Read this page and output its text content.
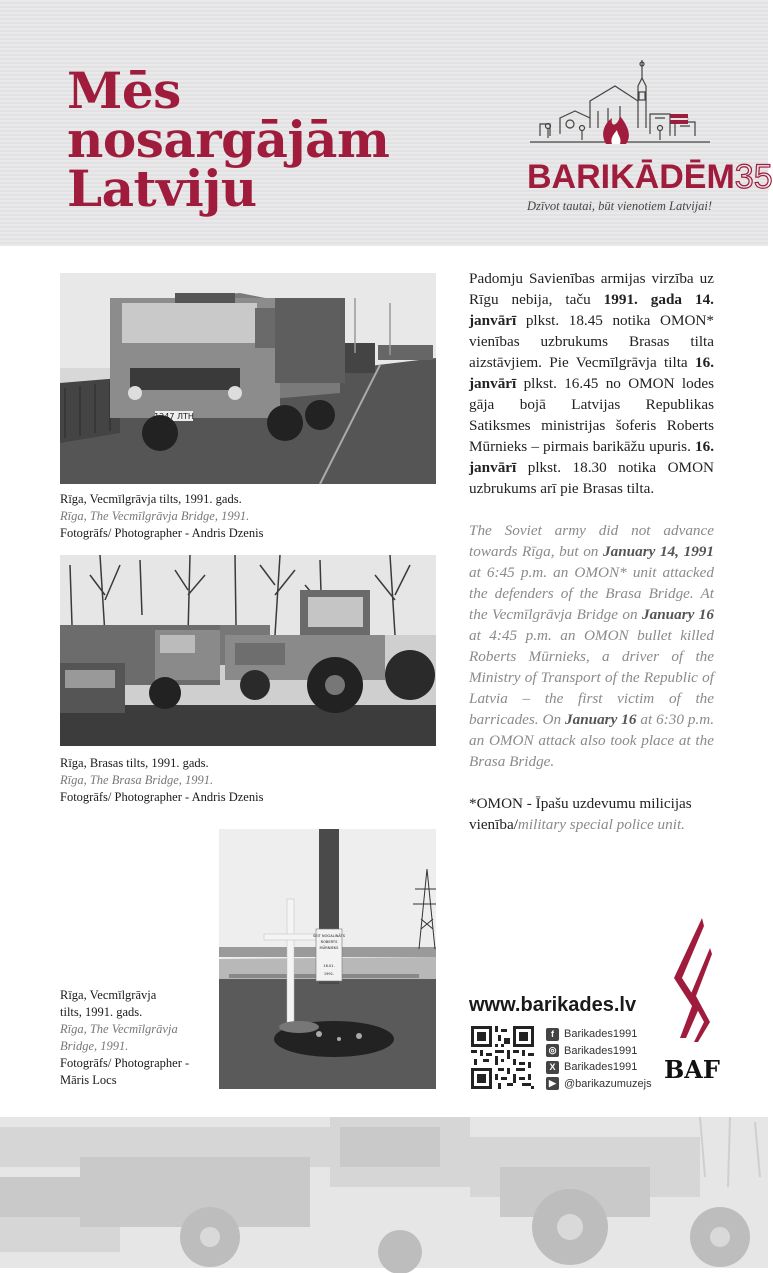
Mēs
nosargājām
Latviju	BARIKĀDĒM35
Dzīvot tautai, būt vienotiem Latvijai!
1247 ЛТН
Rīga, Vecmīlgrāvja tilts, 1991. gads.
Rīga, The Vecmīlgrāvja Bridge, 1991.
Fotogrāfs/ Photographer - Andris Dzenis
Rīga, Brasas tilts, 1991. gads.
Rīga, The Brasa Bridge, 1991.
Fotogrāfs/ Photographer - Andris Dzenis
ŠEIT NOGALINĀTS
ROBERTS
MŪRNIEKS
16.01.
1991.
Rīga, Vecmīlgrāvja
tilts, 1991. gads.
Rīga, The Vecmīlgrāvja
Bridge, 1991.
Fotogrāfs/ Photographer -
Māris Locs
Padomju Savienības armijas virzība uz Rīgu nebija, taču 1991. gada 14. janvārī plkst. 18.45 notika OMON* vienības uzbrukums Brasas tilta aizstāvjiem. Pie Vecmīlgrāvja tilta 16. janvārī plkst. 16.45 no OMON lodes gāja bojā Latvijas Republikas Satiksmes ministrijas šoferis Roberts Mūrnieks – pirmais barikāžu upuris. 16. janvārī plkst. 18.30 notika OMON uzbrukums arī pie Brasas tilta.
The Soviet army did not advance towards Rīga, but on January 14, 1991 at 6:45 p.m. an OMON* unit attacked the defenders of the Brasa Bridge. At the Vecmīlgrāvja Bridge on January 16 at 4:45 p.m. an OMON bullet killed Roberts Mūrnieks, a driver of the Ministry of Transport of the Republic of Latvia – the first victim of the barricades. On January 16 at 6:30 p.m. an OMON attack also took place at the Brasa Bridge.
*OMON - Īpašu uzdevumu milicijas vienība/military special police unit.
www.barikades.lv
f Barikades1991
◎ Barikades1991
X Barikades1991
▶ @barikazumuzejs BAF
